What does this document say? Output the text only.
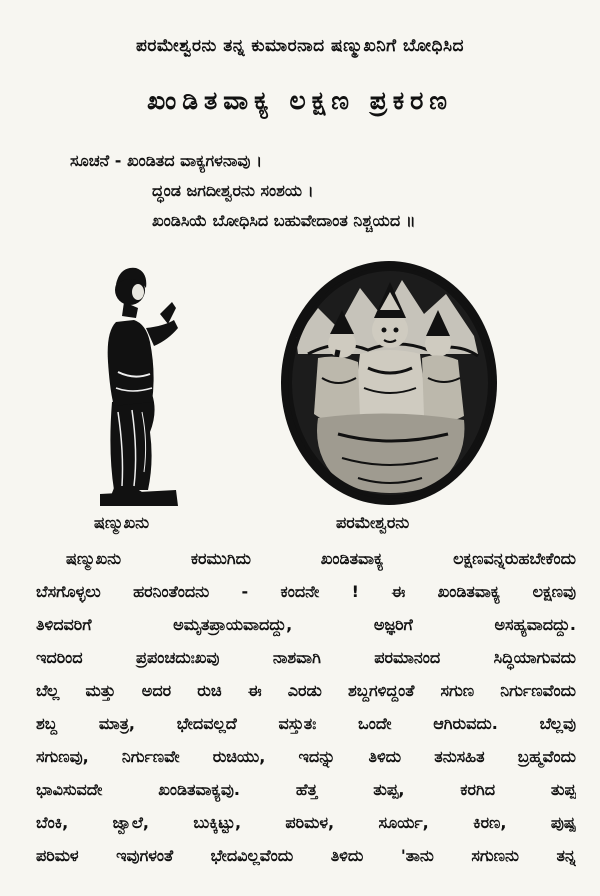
ಪರಮೇಶ್ವರನು ತನ್ನ ಕುಮಾರನಾದ ಷಣ್ಮುಖನಿಗೆ ಬೋಧಿಸಿದ
ಖಂಡಿತವಾಕ್ಯ ಲಕ್ಷಣ ಪ್ರಕರಣ
ಸೂಚನೆ - ಖಂಡಿತದ ವಾಕ್ಯಗಳನಾವು ।
ದ್ಧಂಡ ಜಗದೀಶ್ವರನು ಸಂಶಯ ।
ಖಂಡಿಸಿಯೆ ಬೋಧಿಸಿದ ಬಹುವೇದಾಂತ ನಿಶ್ಚಯದ ॥
ಷಣ್ಮುಖನು	ಪರಮೇಶ್ವರನು
ಷಣ್ಮುಖನು ಕರಮುಗಿದು ಖಂಡಿತವಾಕ್ಯ ಲಕ್ಷಣವನ್ನರುಹಬೇಕೆಂದು
ಬೆಸಗೊಳ್ಳಲು ಹರನಿಂತೆಂದನು - ಕಂದನೇ ! ಈ ಖಂಡಿತವಾಕ್ಯ ಲಕ್ಷಣವು
ತಿಳಿದವರಿಗೆ ಅಮೃತಪ್ರಾಯವಾದದ್ದು, ಅಜ್ಞರಿಗೆ ಅಸಹ್ಯವಾದದ್ದು.
ಇದರಿಂದ ಪ್ರಪಂಚದುಃಖವು ನಾಶವಾಗಿ ಪರಮಾನಂದ ಸಿದ್ಧಿಯಾಗುವದು
ಬೆಲ್ಲ ಮತ್ತು ಅದರ ರುಚಿ ಈ ಎರಡು ಶಬ್ದಗಳಿದ್ದಂತೆ ಸಗುಣ ನಿರ್ಗುಣವೆಂದು
ಶಬ್ದ ಮಾತ್ರ, ಭೇದವಲ್ಲದೆ ವಸ್ತುತಃ ಒಂದೇ ಆಗಿರುವದು. ಬೆಲ್ಲವು
ಸಗುಣವು, ನಿರ್ಗುಣವೇ ರುಚಿಯು, ಇದನ್ನು ತಿಳಿದು ತನುಸಹಿತ ಬ್ರಹ್ಮವೆಂದು
ಭಾವಿಸುವದೇ ಖಂಡಿತವಾಕ್ಯವು. ಹೆತ್ತ ತುಪ್ಪ, ಕರಗಿದ ತುಪ್ಪ
ಬೆಂಕಿ, ಜ್ವಾಲೆ, ಬುಕ್ಕಿಟ್ಟು, ಪರಿಮಳ, ಸೂರ್ಯ, ಕಿರಣ, ಪುಷ್ಪ
ಪರಿಮಳ ಇವುಗಳಂತೆ ಭೇದವಿಲ್ಲವೆಂದು ತಿಳಿದು 'ತಾನು ಸಗುಣನು ತನ್ನ
